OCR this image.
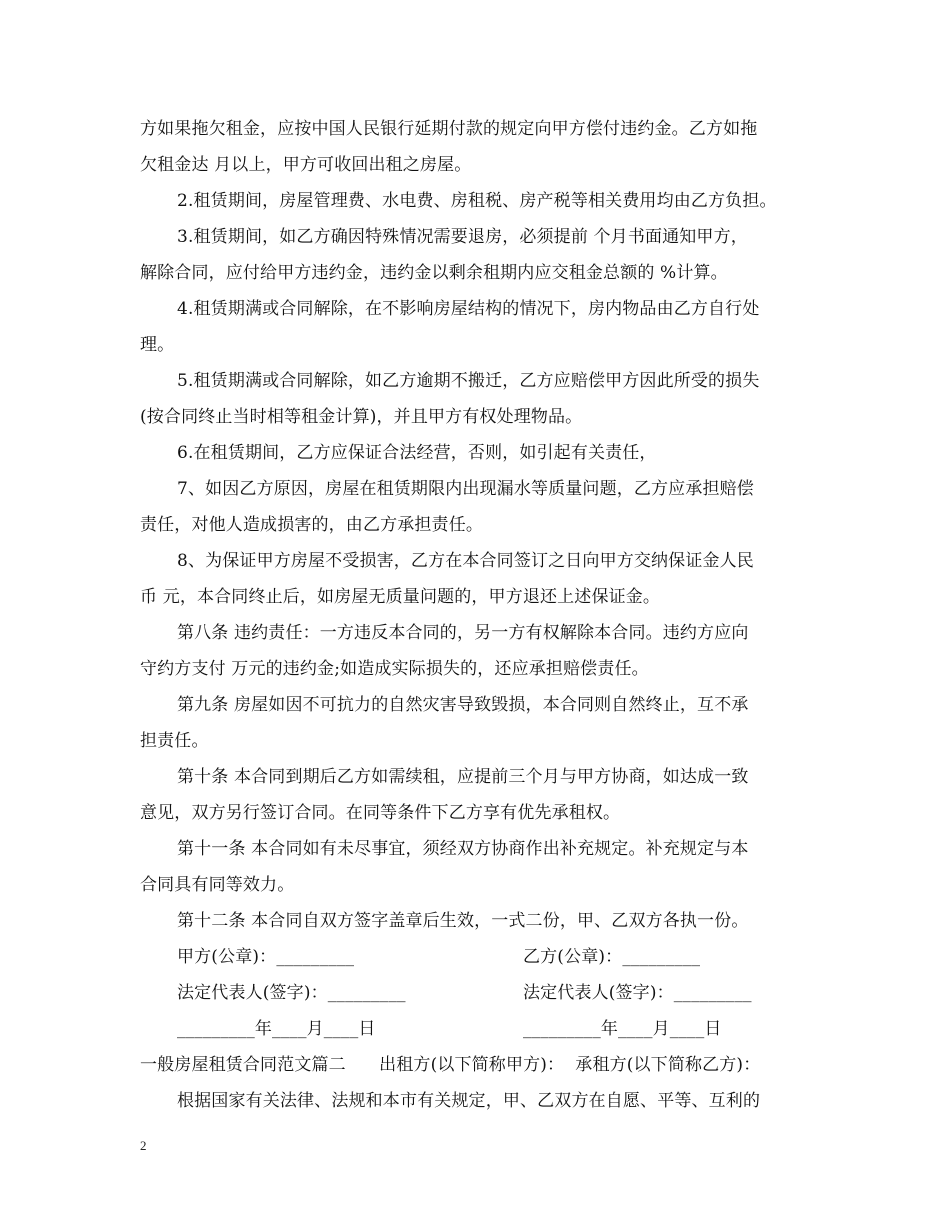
方如果拖欠租金，应按中国人民银行延期付款的规定向甲方偿付违约金。乙方如拖
欠租金达 月以上，甲方可收回出租之房屋。
2.租赁期间，房屋管理费、水电费、房租税、房产税等相关费用均由乙方负担。
3.租赁期间，如乙方确因特殊情况需要退房，必须提前 个月书面通知甲方，
解除合同，应付给甲方违约金，违约金以剩余租期内应交租金总额的 %计算。
4.租赁期满或合同解除，在不影响房屋结构的情况下，房内物品由乙方自行处
理。
5.租赁期满或合同解除，如乙方逾期不搬迁，乙方应赔偿甲方因此所受的损失
(按合同终止当时相等租金计算)，并且甲方有权处理物品。
6.在租赁期间，乙方应保证合法经营，否则，如引起有关责任，
7、如因乙方原因，房屋在租赁期限内出现漏水等质量问题，乙方应承担赔偿
责任，对他人造成损害的，由乙方承担责任。
8、为保证甲方房屋不受损害，乙方在本合同签订之日向甲方交纳保证金人民
币 元，本合同终止后，如房屋无质量问题的，甲方退还上述保证金。
第八条 违约责任：一方违反本合同的，另一方有权解除本合同。违约方应向
守约方支付 万元的违约金;如造成实际损失的，还应承担赔偿责任。
第九条 房屋如因不可抗力的自然灾害导致毁损，本合同则自然终止，互不承
担责任。
第十条 本合同到期后乙方如需续租，应提前三个月与甲方协商，如达成一致
意见，双方另行签订合同。在同等条件下乙方享有优先承租权。
第十一条 本合同如有未尽事宜，须经双方协商作出补充规定。补充规定与本
合同具有同等效力。
第十二条 本合同自双方签字盖章后生效，一式二份，甲、乙双方各执一份。
甲方(公章)：_________	乙方(公章)：_________
法定代表人(签字)：_________	法定代表人(签字)：_________
_________年____月____日	_________年____月____日
一般房屋租赁合同范文篇二      出租方(以下简称甲方)：  承租方(以下简称乙方)：
根据国家有关法律、法规和本市有关规定，甲、乙双方在自愿、平等、互利的
2
